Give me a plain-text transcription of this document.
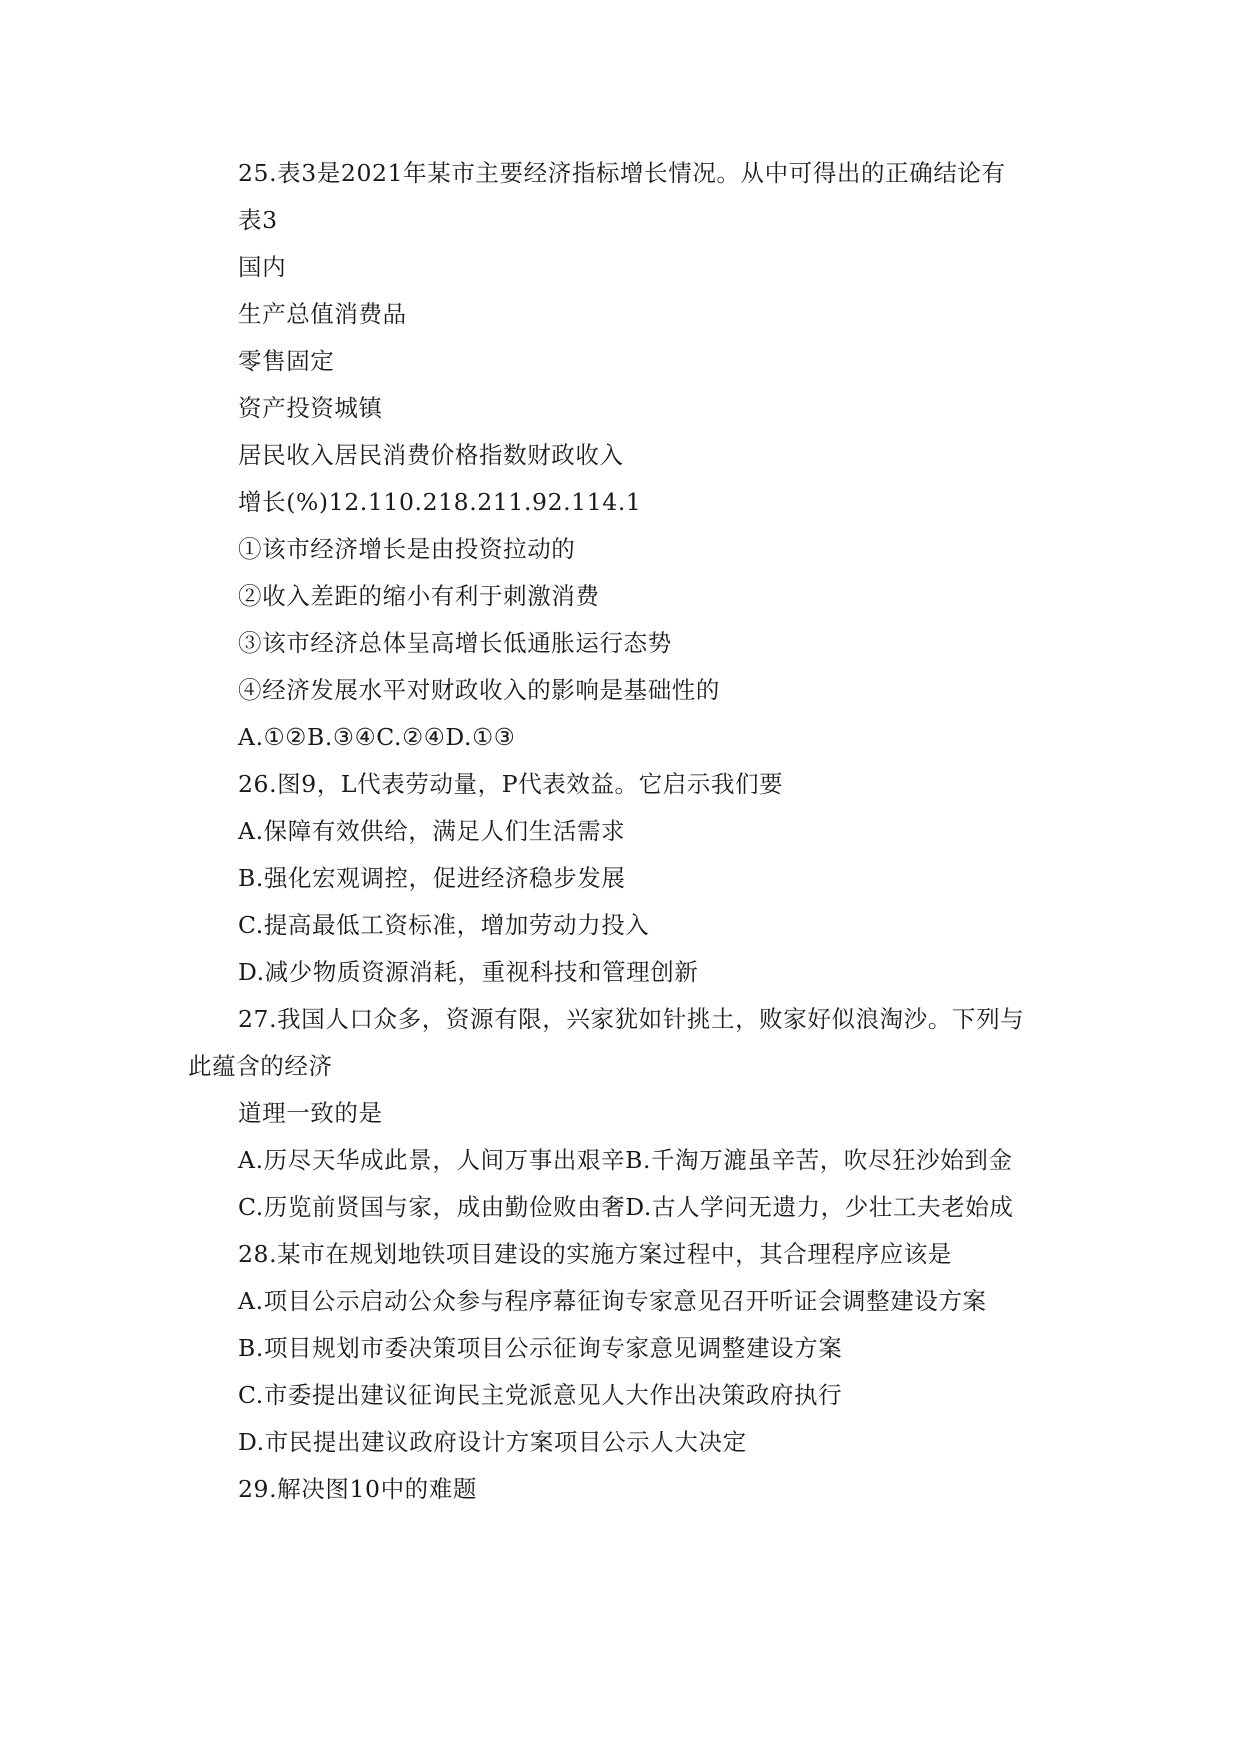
25.表3是2021年某市主要经济指标增长情况。从中可得出的正确结论有
表3
国内
生产总值消费品
零售固定
资产投资城镇
居民收入居民消费价格指数财政收入
增长(%)12.110.218.211.92.114.1
①该市经济增长是由投资拉动的
②收入差距的缩小有利于刺激消费
③该市经济总体呈高增长低通胀运行态势
④经济发展水平对财政收入的影响是基础性的
A.①②B.③④C.②④D.①③
26.图9，L代表劳动量，P代表效益。它启示我们要
A.保障有效供给，满足人们生活需求
B.强化宏观调控，促进经济稳步发展
C.提高最低工资标准，增加劳动力投入
D.减少物质资源消耗，重视科技和管理创新
27.我国人口众多，资源有限，兴家犹如针挑土，败家好似浪淘沙。下列与
此蕴含的经济
道理一致的是
A.历尽天华成此景，人间万事出艰辛B.千淘万漉虽辛苦，吹尽狂沙始到金
C.历览前贤国与家，成由勤俭败由奢D.古人学问无遗力，少壮工夫老始成
28.某市在规划地铁项目建设的实施方案过程中，其合理程序应该是
A.项目公示启动公众参与程序幕征询专家意见召开听证会调整建设方案
B.项目规划市委决策项目公示征询专家意见调整建设方案
C.市委提出建议征询民主党派意见人大作出决策政府执行
D.市民提出建议政府设计方案项目公示人大决定
29.解决图10中的难题
